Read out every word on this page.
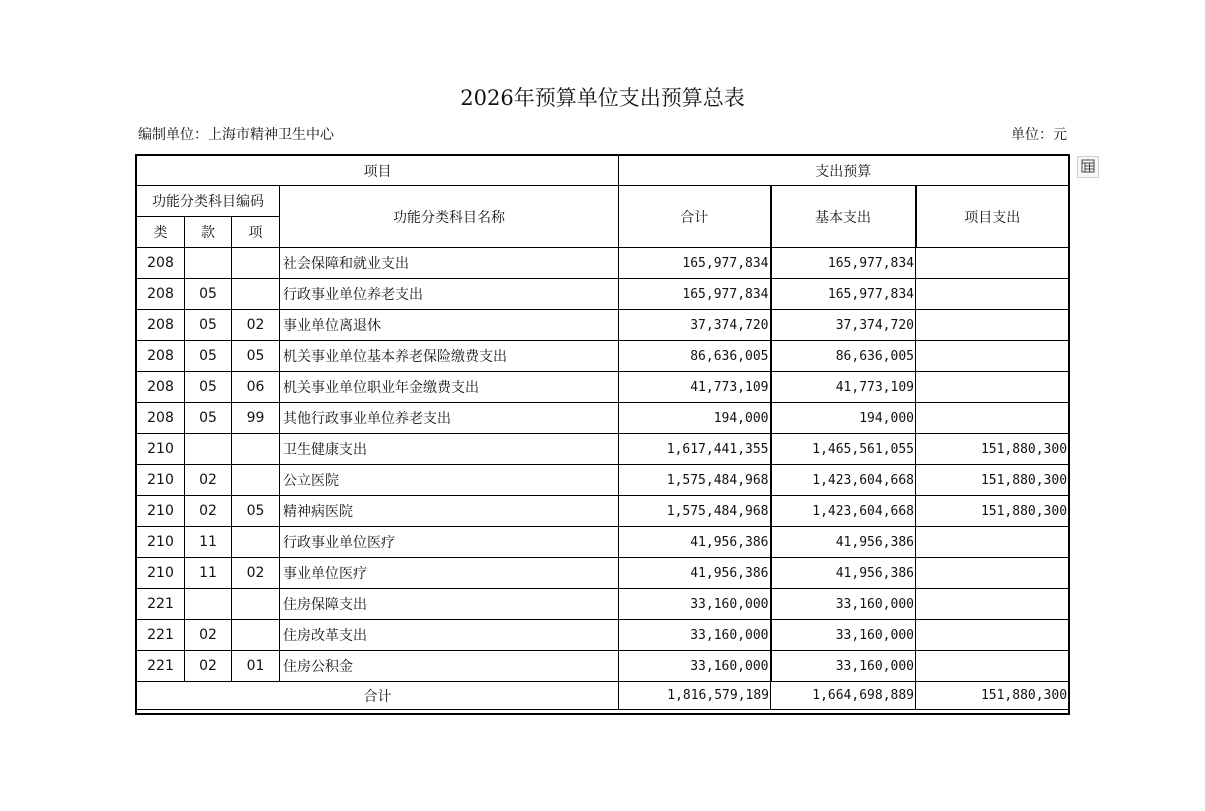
2026年预算单位支出预算总表
编制单位：上海市精神卫生中心	单位：元
项目				支出预算		
功能分类科目编码			功能分类科目名称	合计	基本支出	项目支出
类	款	项				
208			社会保障和就业支出	165,977,834	165,977,834	
208	05		行政事业单位养老支出	165,977,834	165,977,834	
208	05	02	事业单位离退休	37,374,720	37,374,720	
208	05	05	机关事业单位基本养老保险缴费支出	86,636,005	86,636,005	
208	05	06	机关事业单位职业年金缴费支出	41,773,109	41,773,109	
208	05	99	其他行政事业单位养老支出	194,000	194,000	
210			卫生健康支出	1,617,441,355	1,465,561,055	151,880,300
210	02		公立医院	1,575,484,968	1,423,604,668	151,880,300
210	02	05	精神病医院	1,575,484,968	1,423,604,668	151,880,300
210	11		行政事业单位医疗	41,956,386	41,956,386	
210	11	02	事业单位医疗	41,956,386	41,956,386	
221			住房保障支出	33,160,000	33,160,000	
221	02		住房改革支出	33,160,000	33,160,000	
221	02	01	住房公积金	33,160,000	33,160,000	
合计				1,816,579,189	1,664,698,889	151,880,300
